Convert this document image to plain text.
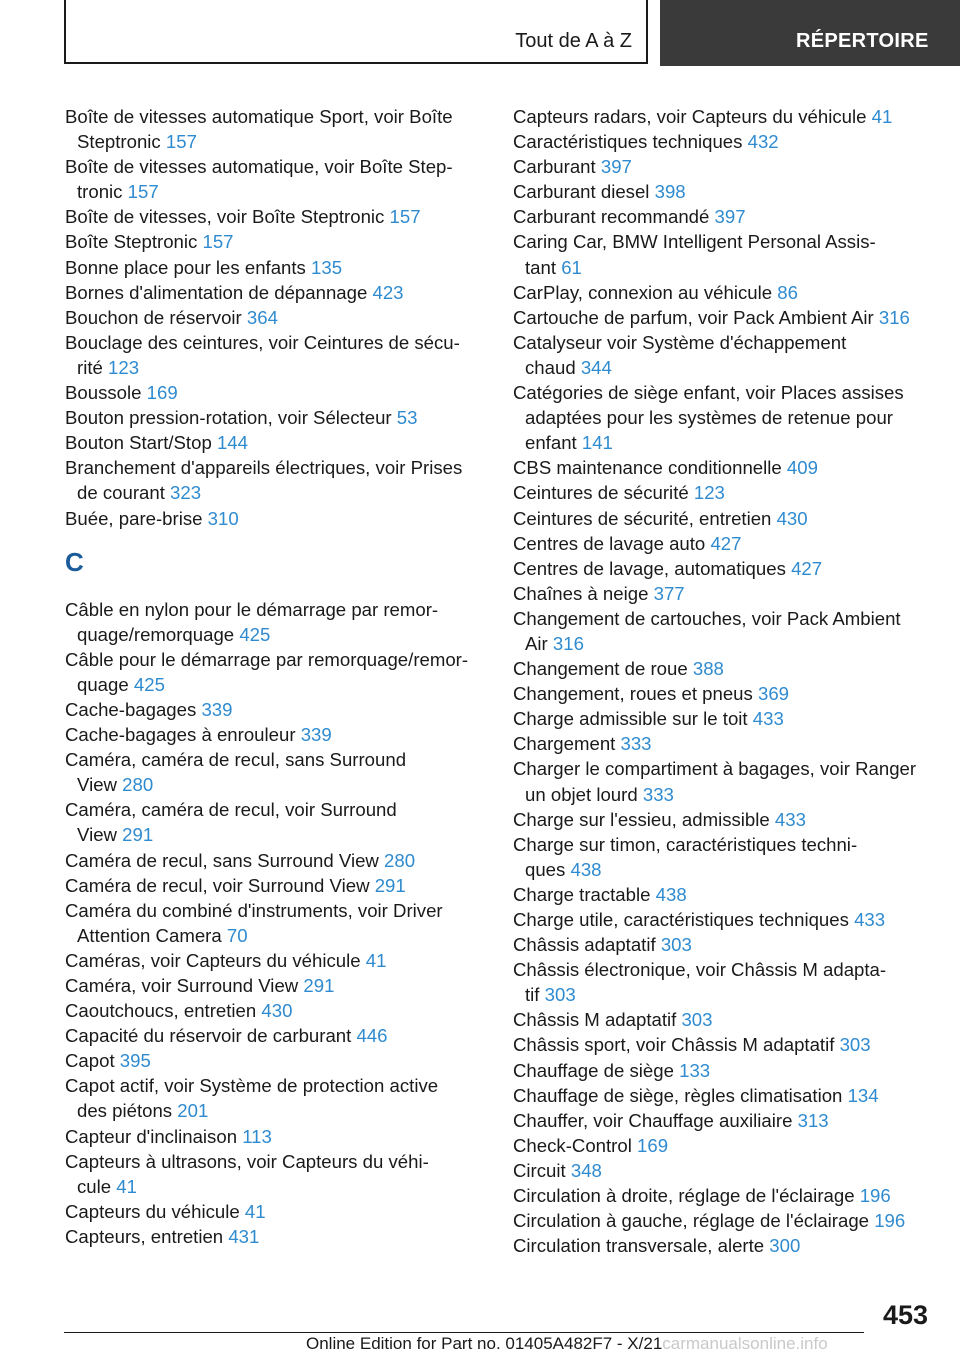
Tout de A à Z	RÉPERTOIRE
Boîte de vitesses automatique Sport, voir Boîte
Steptronic 157
Boîte de vitesses automatique, voir Boîte Step-
tronic 157
Boîte de vitesses, voir Boîte Steptronic 157
Boîte Steptronic 157
Bonne place pour les enfants 135
Bornes d'alimentation de dépannage 423
Bouchon de réservoir 364
Bouclage des ceintures, voir Ceintures de sécu-
rité 123
Boussole 169
Bouton pression-rotation, voir Sélecteur 53
Bouton Start/Stop 144
Branchement d'appareils électriques, voir Prises
de courant 323
Buée, pare-brise 310
C
Câble en nylon pour le démarrage par remor-
quage/remorquage 425
Câble pour le démarrage par remorquage/remor-
quage 425
Cache-bagages 339
Cache-bagages à enrouleur 339
Caméra, caméra de recul, sans Surround
View 280
Caméra, caméra de recul, voir Surround
View 291
Caméra de recul, sans Surround View 280
Caméra de recul, voir Surround View 291
Caméra du combiné d'instruments, voir Driver
Attention Camera 70
Caméras, voir Capteurs du véhicule 41
Caméra, voir Surround View 291
Caoutchoucs, entretien 430
Capacité du réservoir de carburant 446
Capot 395
Capot actif, voir Système de protection active
des piétons 201
Capteur d'inclinaison 113
Capteurs à ultrasons, voir Capteurs du véhi-
cule 41
Capteurs du véhicule 41
Capteurs, entretien 431
Capteurs radars, voir Capteurs du véhicule 41
Caractéristiques techniques 432
Carburant 397
Carburant diesel 398
Carburant recommandé 397
Caring Car, BMW Intelligent Personal Assis-
tant 61
CarPlay, connexion au véhicule 86
Cartouche de parfum, voir Pack Ambient Air 316
Catalyseur voir Système d'échappement
chaud 344
Catégories de siège enfant, voir Places assises
adaptées pour les systèmes de retenue pour
enfant 141
CBS maintenance conditionnelle 409
Ceintures de sécurité 123
Ceintures de sécurité, entretien 430
Centres de lavage auto 427
Centres de lavage, automatiques 427
Chaînes à neige 377
Changement de cartouches, voir Pack Ambient
Air 316
Changement de roue 388
Changement, roues et pneus 369
Charge admissible sur le toit 433
Chargement 333
Charger le compartiment à bagages, voir Ranger
un objet lourd 333
Charge sur l'essieu, admissible 433
Charge sur timon, caractéristiques techni-
ques 438
Charge tractable 438
Charge utile, caractéristiques techniques 433
Châssis adaptatif 303
Châssis électronique, voir Châssis M adapta-
tif 303
Châssis M adaptatif 303
Châssis sport, voir Châssis M adaptatif 303
Chauffage de siège 133
Chauffage de siège, règles climatisation 134
Chauffer, voir Chauffage auxiliaire 313
Check-Control 169
Circuit 348
Circulation à droite, réglage de l'éclairage 196
Circulation à gauche, réglage de l'éclairage 196
Circulation transversale, alerte 300
453
Online Edition for Part no. 01405A482F7 - X/21carmanualsonline.info
